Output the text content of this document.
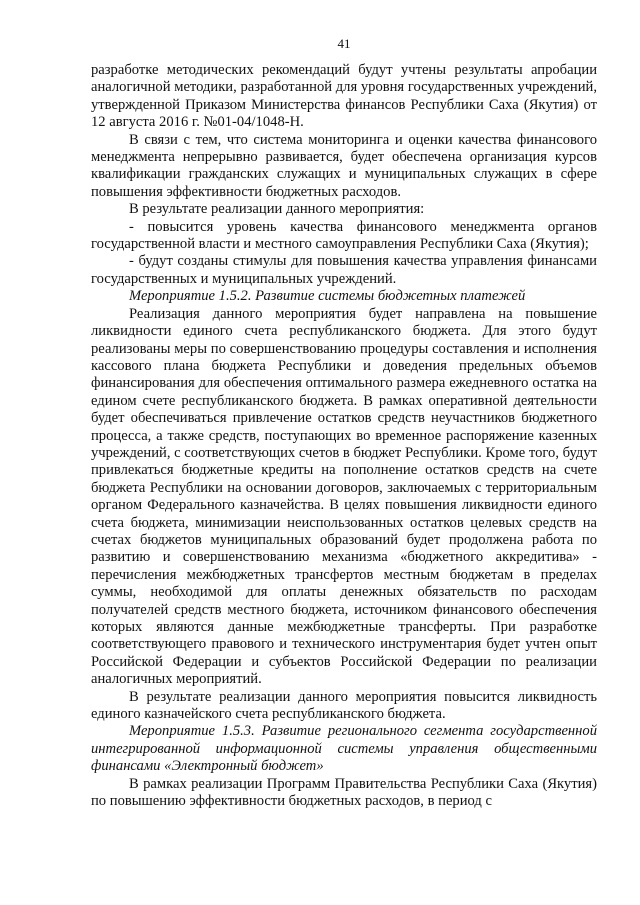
41

разработке методических рекомендаций будут учтены результаты апробации аналогичной методики, разработанной для уровня государственных учреждений, утвержденной Приказом Министерства финансов Республики Саха (Якутия) от 12 августа 2016 г. №01-04/1048-Н.

В связи с тем, что система мониторинга и оценки качества финансового менеджмента непрерывно развивается, будет обеспечена организация курсов квалификации гражданских служащих и муниципальных служащих в сфере повышения эффективности бюджетных расходов.

В результате реализации данного мероприятия:

- повысится уровень качества финансового менеджмента органов государственной власти и местного самоуправления Республики Саха (Якутия);

- будут созданы стимулы для повышения качества управления финансами государственных и муниципальных учреждений.

Мероприятие 1.5.2. Развитие системы бюджетных платежей

Реализация данного мероприятия будет направлена на повышение ликвидности единого счета республиканского бюджета. Для этого будут реализованы меры по совершенствованию процедуры составления и исполнения кассового плана бюджета Республики и доведения предельных объемов финансирования для обеспечения оптимального размера ежедневного остатка на едином счете республиканского бюджета. В рамках оперативной деятельности будет обеспечиваться привлечение остатков средств неучастников бюджетного процесса, а также средств, поступающих во временное распоряжение казенных учреждений, с соответствующих счетов в бюджет Республики. Кроме того, будут привлекаться бюджетные кредиты на пополнение остатков средств на счете бюджета Республики на основании договоров, заключаемых с территориальным органом Федерального казначейства. В целях повышения ликвидности единого счета бюджета, минимизации неиспользованных остатков целевых средств на счетах бюджетов муниципальных образований будет продолжена работа по развитию и совершенствованию механизма «бюджетного аккредитива» - перечисления межбюджетных трансфертов местным бюджетам в пределах суммы, необходимой для оплаты денежных обязательств по расходам получателей средств местного бюджета, источником финансового обеспечения которых являются данные межбюджетные трансферты. При разработке соответствующего правового и технического инструментария будет учтен опыт Российской Федерации и субъектов Российской Федерации по реализации аналогичных мероприятий.

В результате реализации данного мероприятия повысится ликвидность единого казначейского счета республиканского бюджета.

Мероприятие 1.5.3. Развитие регионального сегмента государственной интегрированной информационной системы управления общественными финансами «Электронный бюджет»

В рамках реализации Программ Правительства Республики Саха (Якутия) по повышению эффективности бюджетных расходов, в период с
